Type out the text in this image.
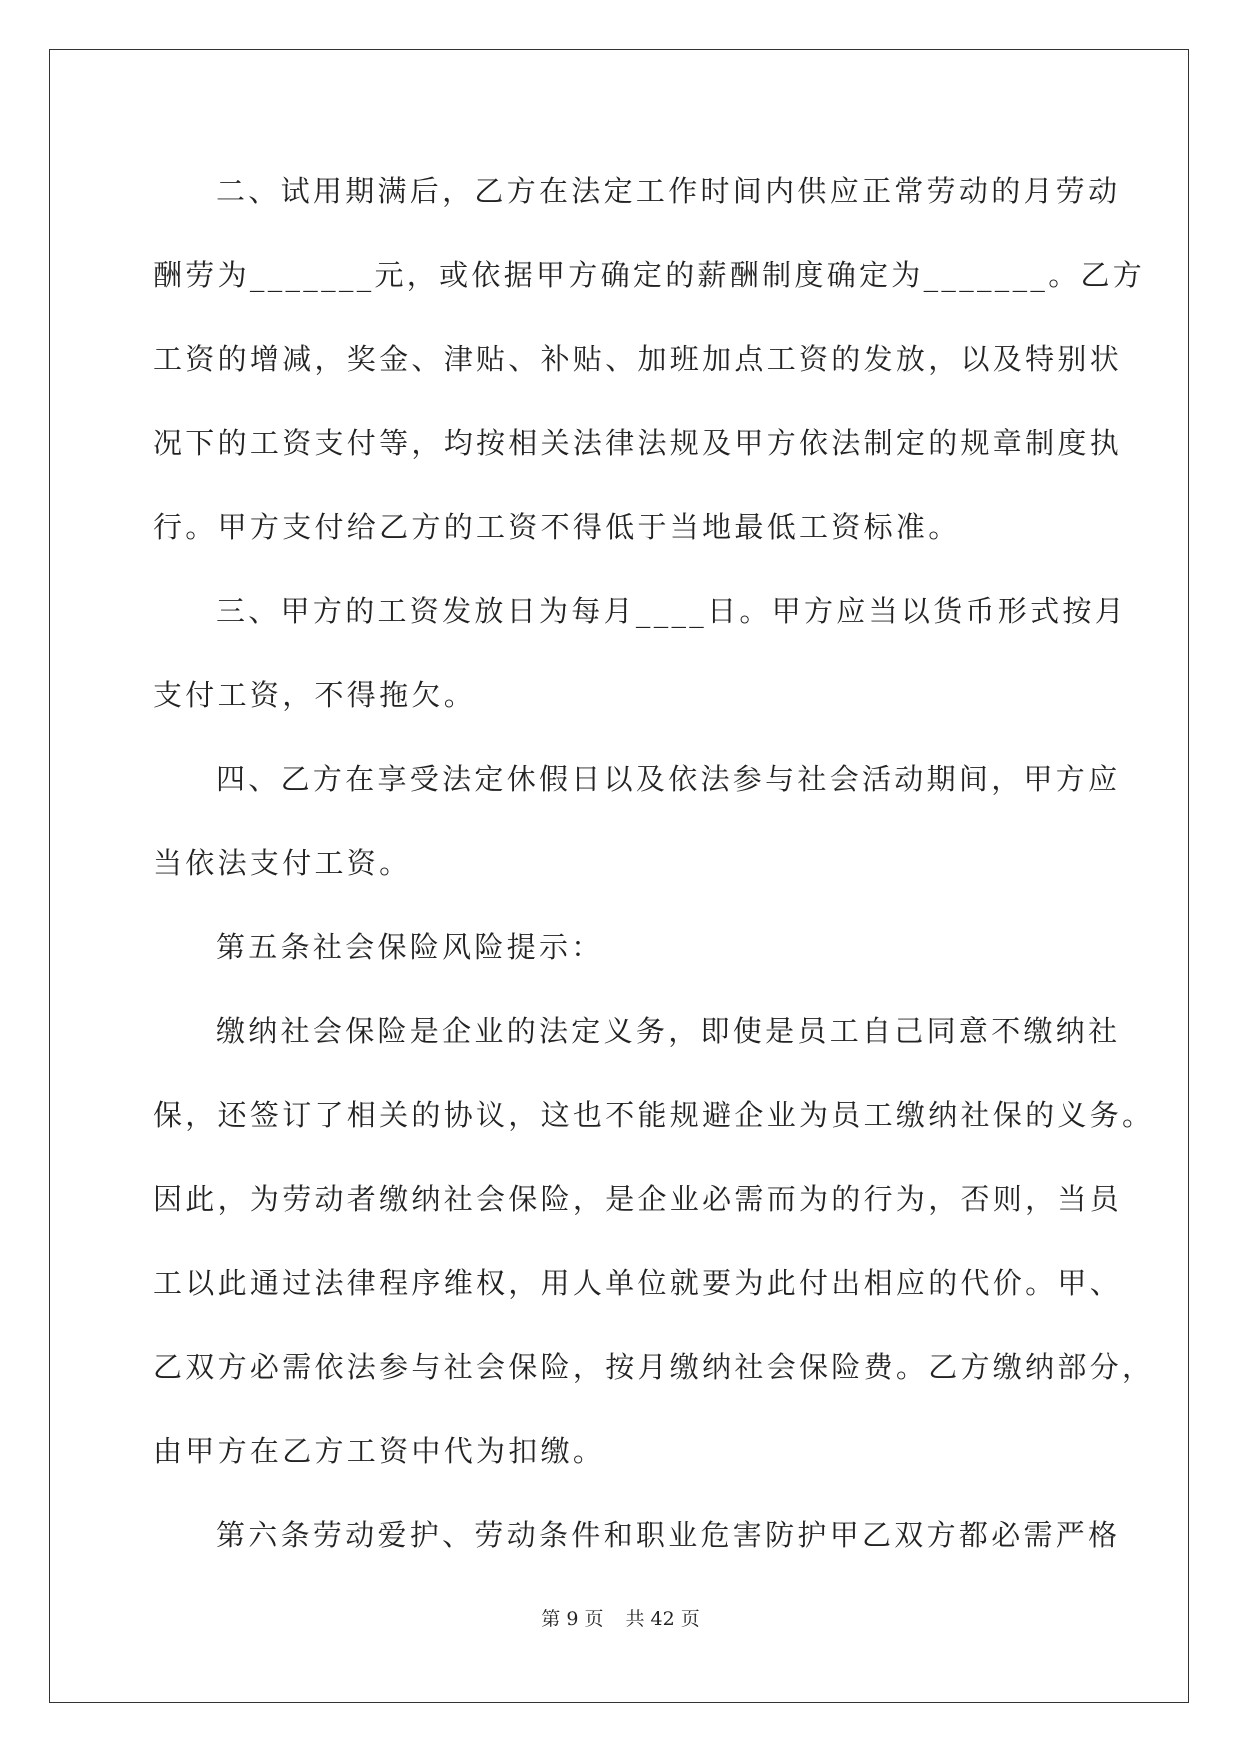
二、试用期满后，乙方在法定工作时间内供应正常劳动的月劳动
酬劳为_______元，或依据甲方确定的薪酬制度确定为_______。乙方
工资的增减，奖金、津贴、补贴、加班加点工资的发放，以及特别状
况下的工资支付等，均按相关法律法规及甲方依法制定的规章制度执
行。甲方支付给乙方的工资不得低于当地最低工资标准。
三、甲方的工资发放日为每月____日。甲方应当以货币形式按月
支付工资，不得拖欠。
四、乙方在享受法定休假日以及依法参与社会活动期间，甲方应
当依法支付工资。
第五条社会保险风险提示：
缴纳社会保险是企业的法定义务，即使是员工自己同意不缴纳社
保，还签订了相关的协议，这也不能规避企业为员工缴纳社保的义务。
因此，为劳动者缴纳社会保险，是企业必需而为的行为，否则，当员
工以此通过法律程序维权，用人单位就要为此付出相应的代价。甲、
乙双方必需依法参与社会保险，按月缴纳社会保险费。乙方缴纳部分，
由甲方在乙方工资中代为扣缴。
第六条劳动爱护、劳动条件和职业危害防护甲乙双方都必需严格
第 9 页 共 42 页
